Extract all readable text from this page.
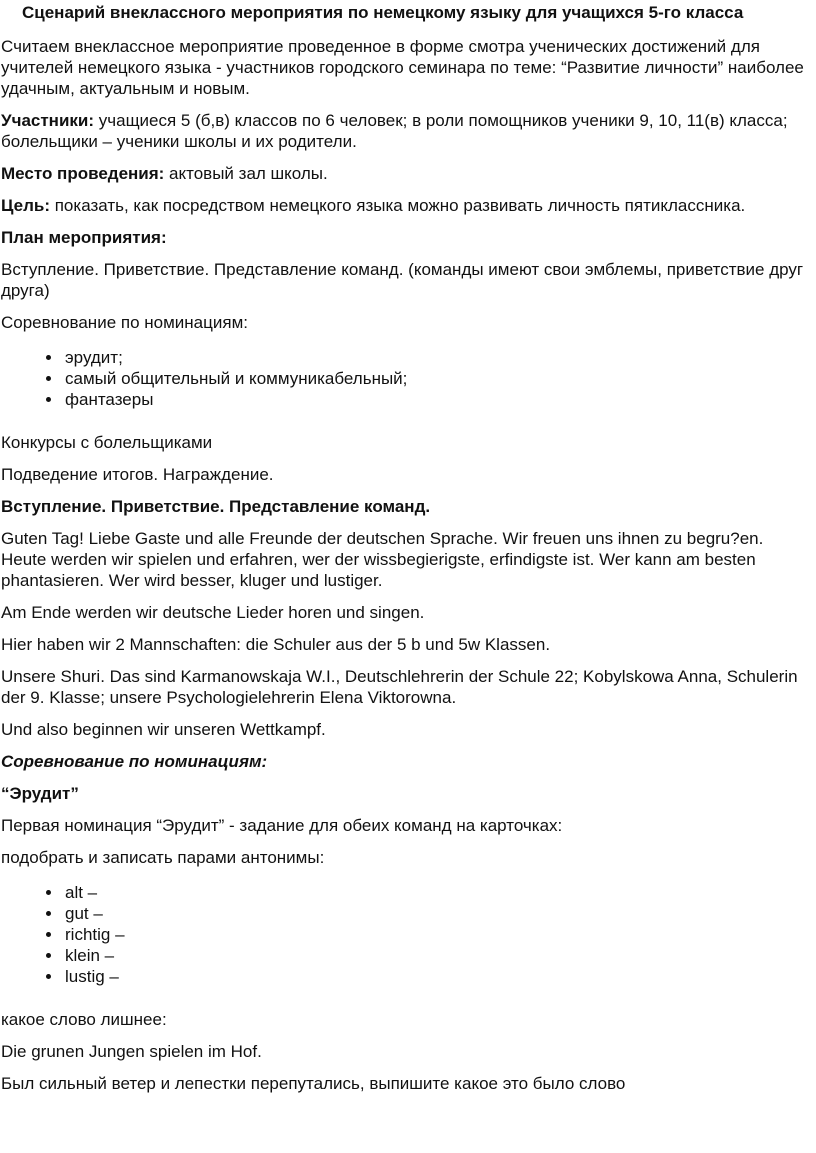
Сценарий внеклассного мероприятия по немецкому языку для учащихся 5-го класса

Считаем внеклассное мероприятие проведенное в форме смотра ученических достижений для учителей немецкого языка - участников городского семинара по теме: “Развитие личности” наиболее удачным, актуальным и новым.

Участники: учащиеся 5 (б,в) классов по 6 человек; в роли помощников ученики 9, 10, 11(в) класса; болельщики – ученики школы и их родители.

Место проведения: актовый зал школы.

Цель: показать, как посредством немецкого языка можно развивать личность пятиклассника.

План мероприятия:

Вступление. Приветствие. Представление команд. (команды имеют свои эмблемы, приветствие друг друга)

Соревнование по номинациям:

• эрудит;
• самый общительный и коммуникабельный;
• фантазеры

Конкурсы с болельщиками

Подведение итогов. Награждение.

Вступление. Приветствие. Представление команд.

Guten Tag! Liebe Gaste und alle Freunde der deutschen Sprache. Wir freuen uns ihnen zu begru?en. Heute werden wir spielen und erfahren, wer der wissbegierigste, erfindigste ist. Wer kann am besten phantasieren. Wer wird besser, kluger und lustiger.

Am Ende werden wir deutsche Lieder horen und singen.

Hier haben wir 2 Mannschaften: die Schuler aus der 5 b und 5w Klassen.

Unsere Shuri. Das sind Karmanowskaja W.I., Deutschlehrerin der Schule 22; Kobylskowa Anna, Schulerin der 9. Klasse; unsere Psychologielehrerin Elena Viktorowna.

Und also beginnen wir unseren Wettkampf.

Соревнование по номинациям:

“Эрудит”

Первая номинация “Эрудит” - задание для обеих команд на карточках:

подобрать и записать парами антонимы:

• alt –
• gut –
• richtig –
• klein –
• lustig –

какое слово лишнее:

Die grunen Jungen spielen im Hof.

Был сильный ветер и лепестки перепутались, выпишите какое это было слово
